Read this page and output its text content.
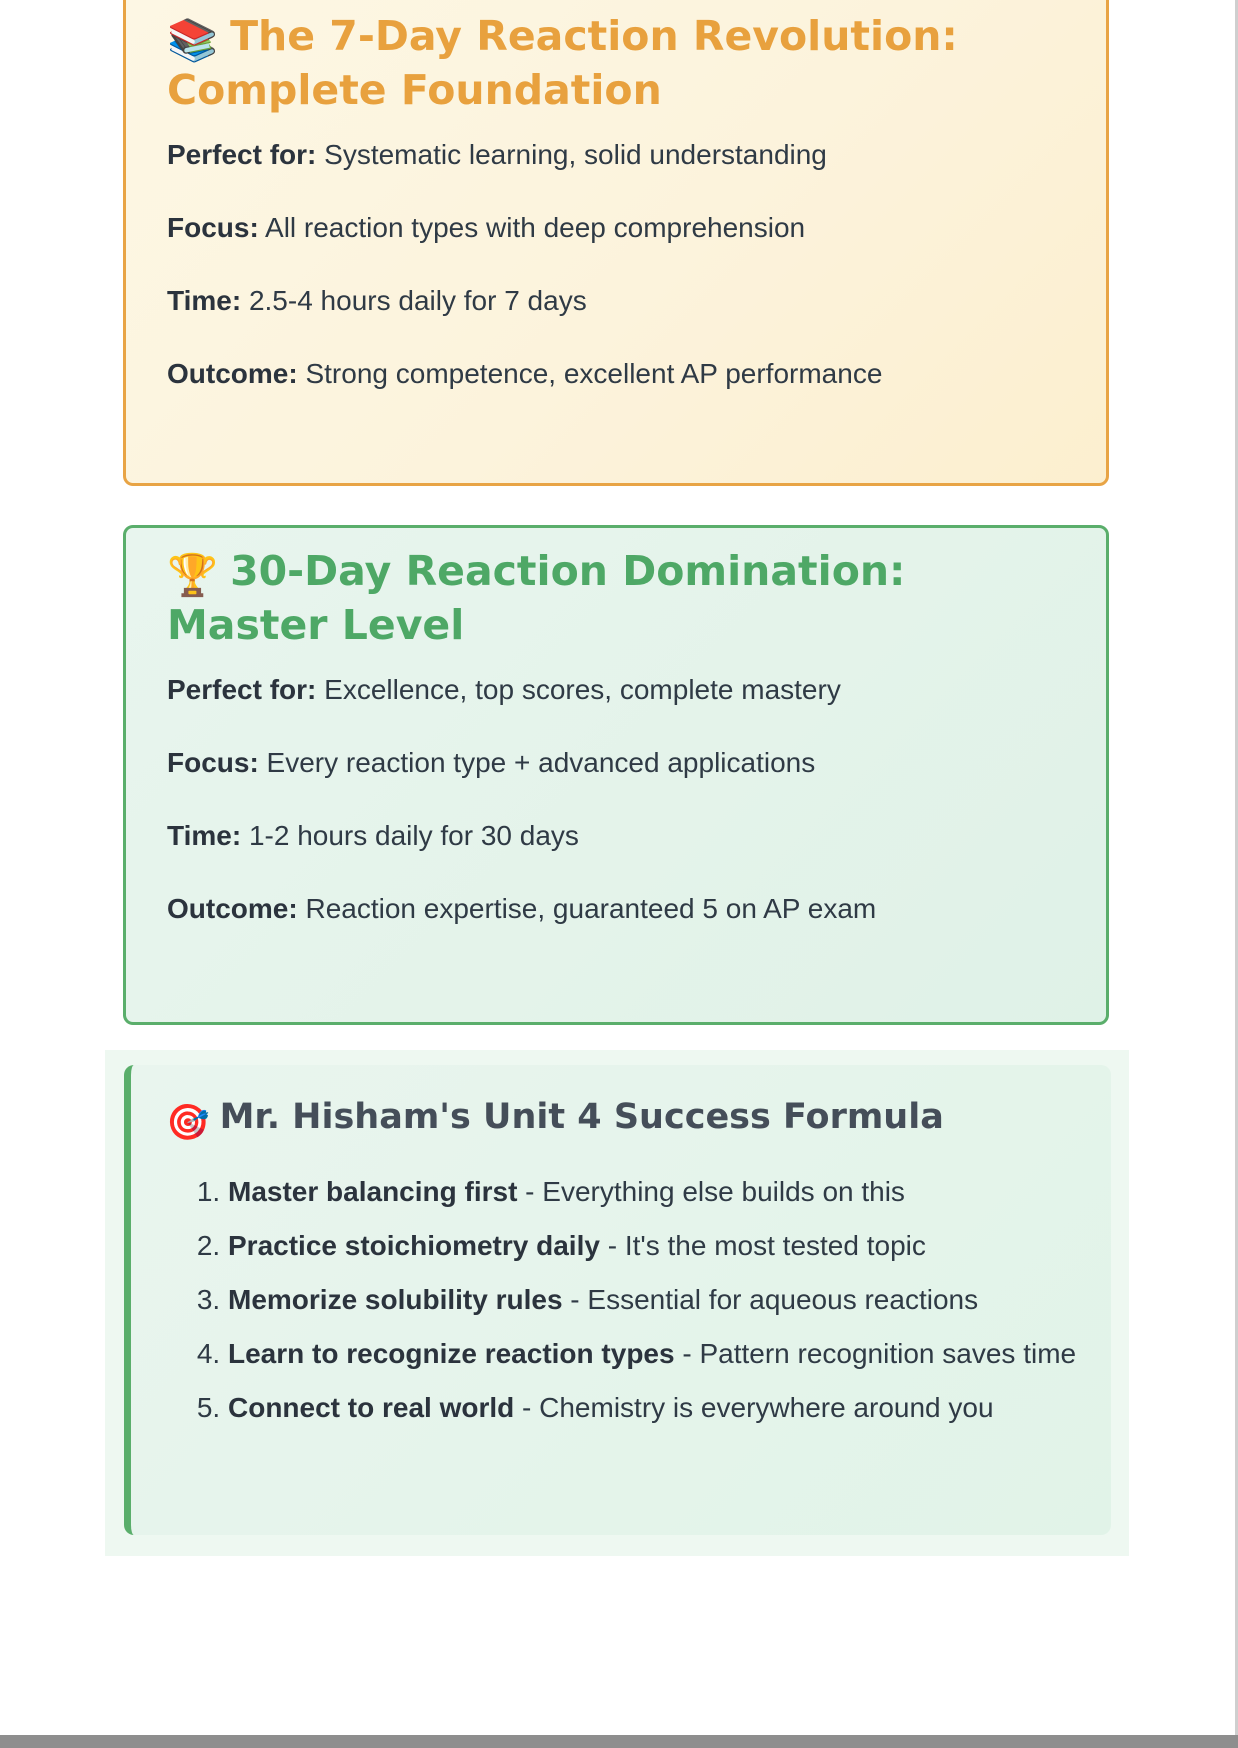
📚 The 7-Day Reaction Revolution: Complete Foundation

Perfect for: Systematic learning, solid understanding

Focus: All reaction types with deep comprehension

Time: 2.5-4 hours daily for 7 days

Outcome: Strong competence, excellent AP performance

🏆 30-Day Reaction Domination: Master Level

Perfect for: Excellence, top scores, complete mastery

Focus: Every reaction type + advanced applications

Time: 1-2 hours daily for 30 days

Outcome: Reaction expertise, guaranteed 5 on AP exam

🎯 Mr. Hisham's Unit 4 Success Formula
1. Master balancing first - Everything else builds on this
2. Practice stoichiometry daily - It's the most tested topic
3. Memorize solubility rules - Essential for aqueous reactions
4. Learn to recognize reaction types - Pattern recognition saves time
5. Connect to real world - Chemistry is everywhere around you
